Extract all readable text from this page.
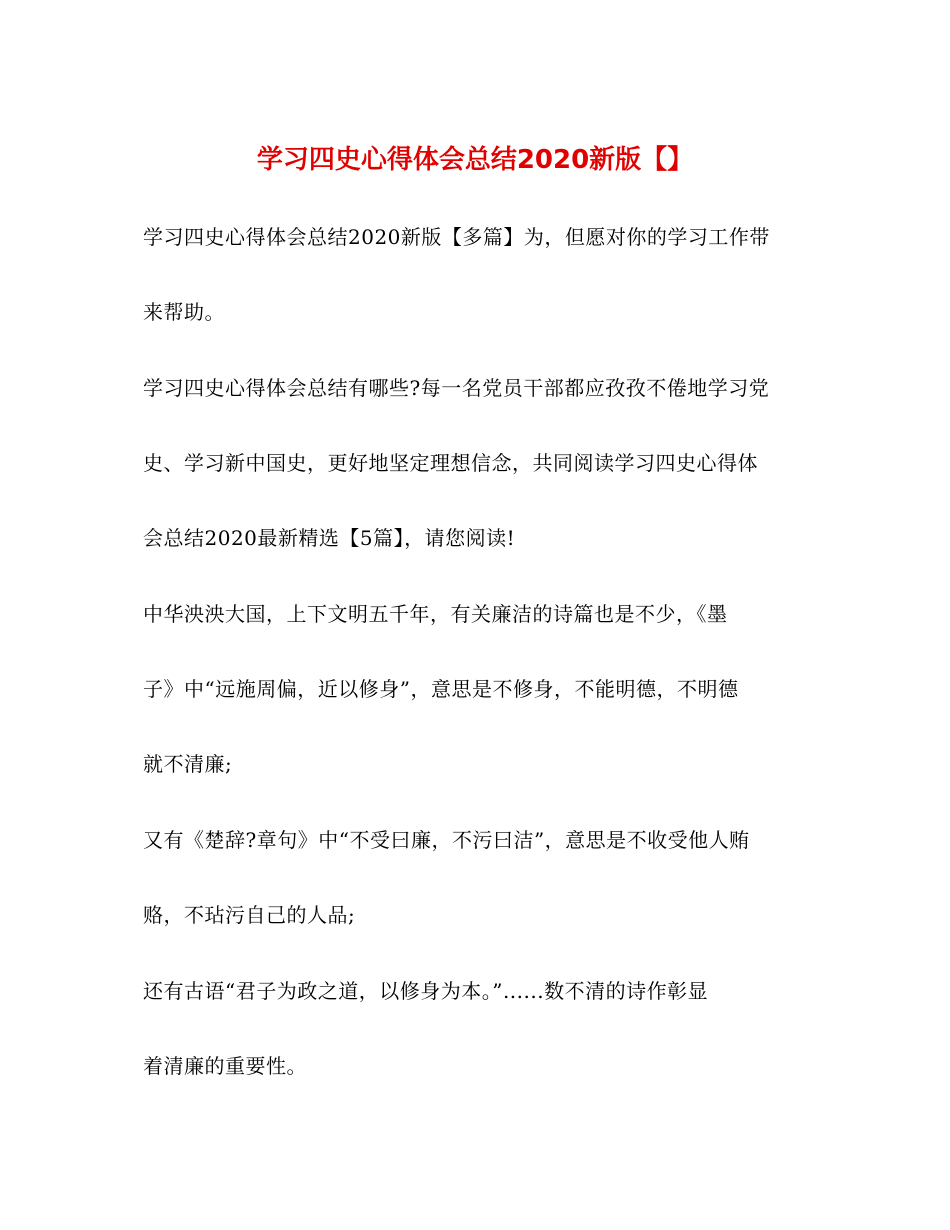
学习四史心得体会总结2020新版【】

学习四史心得体会总结2020新版【多篇】为，但愿对你的学习工作带
来帮助。

学习四史心得体会总结有哪些?每一名党员干部都应孜孜不倦地学习党
史、学习新中国史，更好地坚定理想信念，共同阅读学习四史心得体
会总结2020最新精选【5篇】，请您阅读!

中华泱泱大国，上下文明五千年，有关廉洁的诗篇也是不少，《墨
子》中“远施周偏，近以修身”，意思是不修身，不能明德，不明德
就不清廉;

又有《楚辞?章句》中“不受曰廉，不污曰洁”，意思是不收受他人贿
赂，不玷污自己的人品;

还有古语“君子为政之道，以修身为本。”......数不清的诗作彰显
着清廉的重要性。
